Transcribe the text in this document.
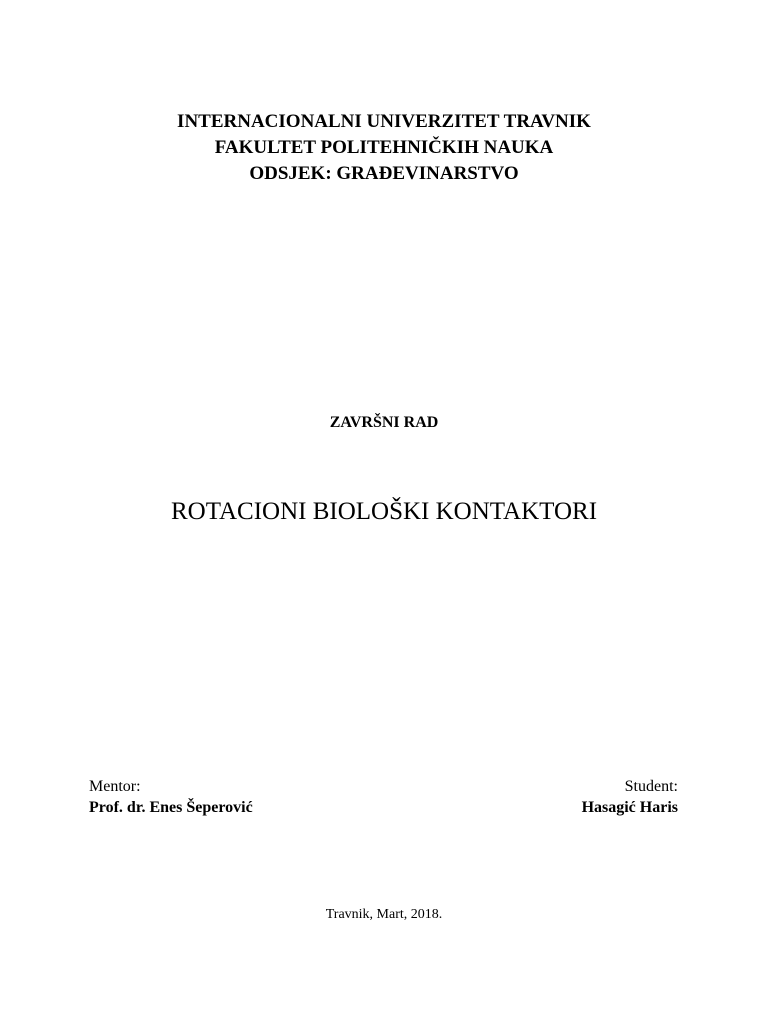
INTERNACIONALNI UNIVERZITET TRAVNIK
FAKULTET POLITEHNIČKIH NAUKA
ODSJEK: GRAĐEVINARSTVO
ZAVRŠNI RAD
ROTACIONI BIOLOŠKI KONTAKTORI
Mentor:
Prof. dr. Enes Šeperović
Student:
Hasagić Haris
Travnik, Mart, 2018.
